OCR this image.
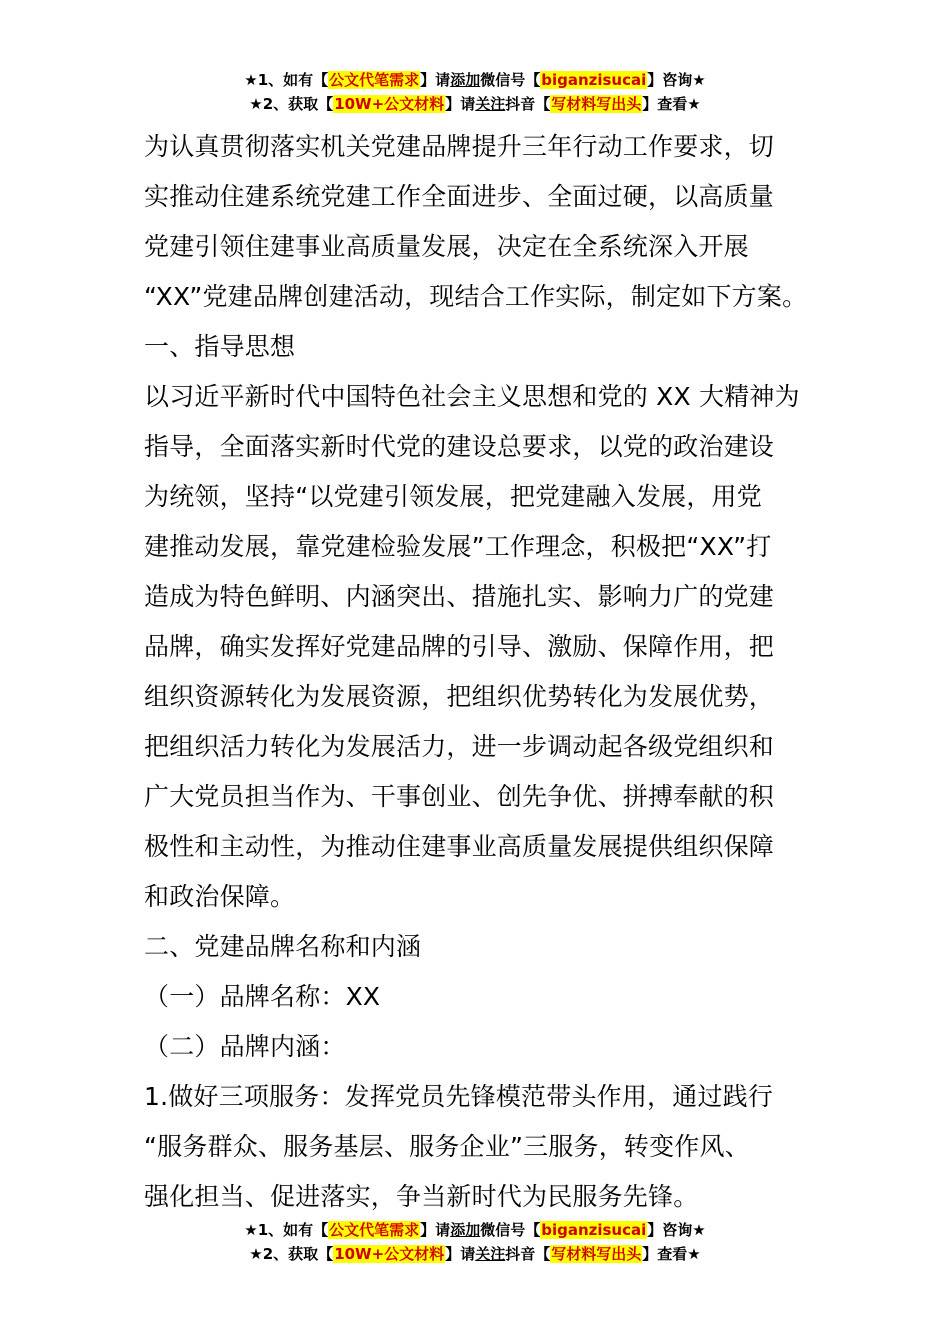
★1、如有【公文代笔需求】请添加微信号【biganzisucai】咨询★
★2、获取【10W+公文材料】请关注抖音【写材料写出头】查看★

为认真贯彻落实机关党建品牌提升三年行动工作要求，切

实推动住建系统党建工作全面进步、全面过硬，以高质量

党建引领住建事业高质量发展，决定在全系统深入开展

“XX”党建品牌创建活动，现结合工作实际，制定如下方案。

一、指导思想

以习近平新时代中国特色社会主义思想和党的 XX 大精神为

指导，全面落实新时代党的建设总要求，以党的政治建设

为统领，坚持“以党建引领发展，把党建融入发展，用党

建推动发展，靠党建检验发展”工作理念，积极把“XX”打

造成为特色鲜明、内涵突出、措施扎实、影响力广的党建

品牌，确实发挥好党建品牌的引导、激励、保障作用，把

组织资源转化为发展资源，把组织优势转化为发展优势，

把组织活力转化为发展活力，进一步调动起各级党组织和

广大党员担当作为、干事创业、创先争优、拼搏奉献的积

极性和主动性，为推动住建事业高质量发展提供组织保障

和政治保障。

二、党建品牌名称和内涵

（一）品牌名称：XX

（二）品牌内涵：

1.做好三项服务：发挥党员先锋模范带头作用，通过践行

“服务群众、服务基层、服务企业”三服务，转变作风、

强化担当、促进落实，争当新时代为民服务先锋。

★1、如有【公文代笔需求】请添加微信号【biganzisucai】咨询★
★2、获取【10W+公文材料】请关注抖音【写材料写出头】查看★
